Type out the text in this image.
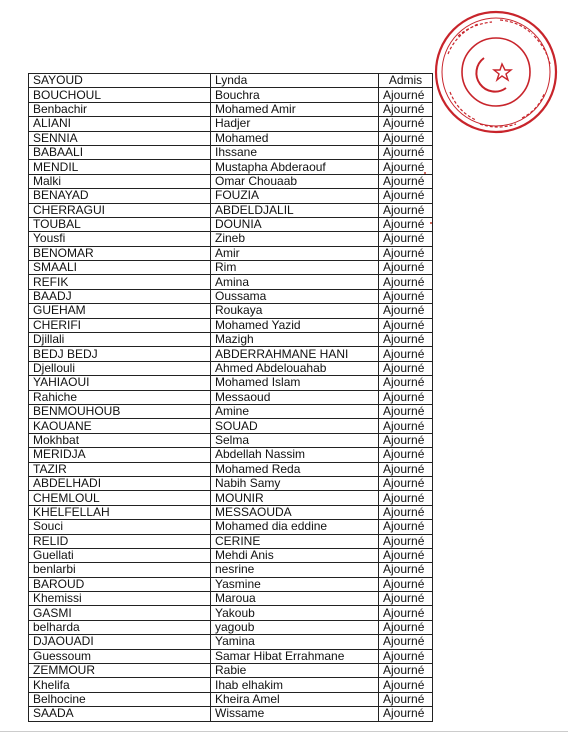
SAYOUD	Lynda	Admis
BOUCHOUL	Bouchra	Ajourné
Benbachir	Mohamed Amir	Ajourné
ALIANI	Hadjer	Ajourné
SENNIA	Mohamed	Ajourné
BABAALI	Ihssane	Ajourné
MENDIL	Mustapha Abderaouf	Ajourné
Malki	Omar Chouaab	Ajourné
BENAYAD	FOUZIA	Ajourné
CHERRAGUI	ABDELDJALIL	Ajourné
TOUBAL	DOUNIA	Ajourné
Yousfi	Zineb	Ajourné
BENOMAR	Amir	Ajourné
SMAALI	Rim	Ajourné
REFIK	Amina	Ajourné
BAADJ	Oussama	Ajourné
GUEHAM	Roukaya	Ajourné
CHERIFI	Mohamed Yazid	Ajourné
Djillali	Mazigh	Ajourné
BEDJ BEDJ	ABDERRAHMANE HANI	Ajourné
Djellouli	Ahmed Abdelouahab	Ajourné
YAHIAOUI	Mohamed Islam	Ajourné
Rahiche	Messaoud	Ajourné
BENMOUHOUB	Amine	Ajourné
KAOUANE	SOUAD	Ajourné
Mokhbat	Selma	Ajourné
MERIDJA	Abdellah Nassim	Ajourné
TAZIR	Mohamed Reda	Ajourné
ABDELHADI	Nabih Samy	Ajourné
CHEMLOUL	MOUNIR	Ajourné
KHELFELLAH	MESSAOUDA	Ajourné
Souci	Mohamed dia eddine	Ajourné
RELID	CERINE	Ajourné
Guellati	Mehdi Anis	Ajourné
benlarbi	nesrine	Ajourné
BAROUD	Yasmine	Ajourné
Khemissi	Maroua	Ajourné
GASMI	Yakoub	Ajourné
belharda	yagoub	Ajourné
DJAOUADI	Yamina	Ajourné
Guessoum	Samar Hibat Errahmane	Ajourné
ZEMMOUR	Rabie	Ajourné
Khelifa	Ihab elhakim	Ajourné
Belhocine	Kheira Amel	Ajourné
SAADA	Wissame	Ajourné
